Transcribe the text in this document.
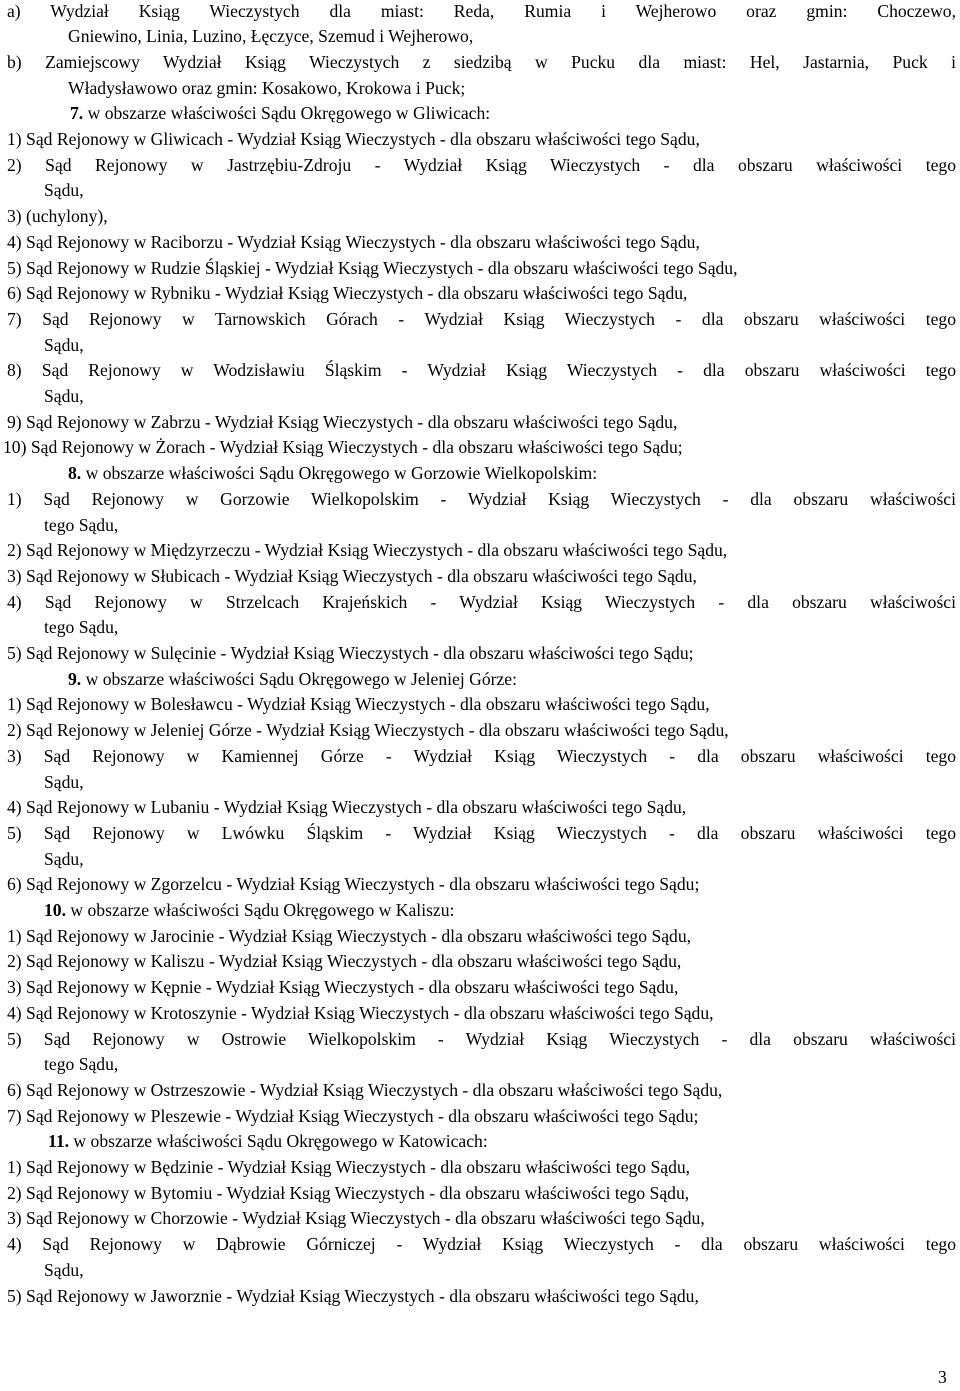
a) Wydział Ksiąg Wieczystych dla miast: Reda, Rumia i Wejherowo oraz gmin: Choczewo,
Gniewino, Linia, Luzino, Łęczyce, Szemud i Wejherowo,
b) Zamiejscowy Wydział Ksiąg Wieczystych z siedzibą w Pucku dla miast: Hel, Jastarnia, Puck i
Władysławowo oraz gmin: Kosakowo, Krokowa i Puck;
7. w obszarze właściwości Sądu Okręgowego w Gliwicach:
1) Sąd Rejonowy w Gliwicach - Wydział Ksiąg Wieczystych - dla obszaru właściwości tego Sądu,
2) Sąd Rejonowy w Jastrzębiu-Zdroju - Wydział Ksiąg Wieczystych - dla obszaru właściwości tego
Sądu,
3) (uchylony),
4) Sąd Rejonowy w Raciborzu - Wydział Ksiąg Wieczystych - dla obszaru właściwości tego Sądu,
5) Sąd Rejonowy w Rudzie Śląskiej - Wydział Ksiąg Wieczystych - dla obszaru właściwości tego Sądu,
6) Sąd Rejonowy w Rybniku - Wydział Ksiąg Wieczystych - dla obszaru właściwości tego Sądu,
7) Sąd Rejonowy w Tarnowskich Górach - Wydział Ksiąg Wieczystych - dla obszaru właściwości tego
Sądu,
8) Sąd Rejonowy w Wodzisławiu Śląskim - Wydział Ksiąg Wieczystych - dla obszaru właściwości tego
Sądu,
9) Sąd Rejonowy w Zabrzu - Wydział Ksiąg Wieczystych - dla obszaru właściwości tego Sądu,
10) Sąd Rejonowy w Żorach - Wydział Ksiąg Wieczystych - dla obszaru właściwości tego Sądu;
8. w obszarze właściwości Sądu Okręgowego w Gorzowie Wielkopolskim:
1) Sąd Rejonowy w Gorzowie Wielkopolskim - Wydział Ksiąg Wieczystych - dla obszaru właściwości
tego Sądu,
2) Sąd Rejonowy w Międzyrzeczu - Wydział Ksiąg Wieczystych - dla obszaru właściwości tego Sądu,
3) Sąd Rejonowy w Słubicach - Wydział Ksiąg Wieczystych - dla obszaru właściwości tego Sądu,
4) Sąd Rejonowy w Strzelcach Krajeńskich - Wydział Ksiąg Wieczystych - dla obszaru właściwości
tego Sądu,
5) Sąd Rejonowy w Sulęcinie - Wydział Ksiąg Wieczystych - dla obszaru właściwości tego Sądu;
9. w obszarze właściwości Sądu Okręgowego w Jeleniej Górze:
1) Sąd Rejonowy w Bolesławcu - Wydział Ksiąg Wieczystych - dla obszaru właściwości tego Sądu,
2) Sąd Rejonowy w Jeleniej Górze - Wydział Ksiąg Wieczystych - dla obszaru właściwości tego Sądu,
3) Sąd Rejonowy w Kamiennej Górze - Wydział Ksiąg Wieczystych - dla obszaru właściwości tego
Sądu,
4) Sąd Rejonowy w Lubaniu - Wydział Ksiąg Wieczystych - dla obszaru właściwości tego Sądu,
5) Sąd Rejonowy w Lwówku Śląskim - Wydział Ksiąg Wieczystych - dla obszaru właściwości tego
Sądu,
6) Sąd Rejonowy w Zgorzelcu - Wydział Ksiąg Wieczystych - dla obszaru właściwości tego Sądu;
10. w obszarze właściwości Sądu Okręgowego w Kaliszu:
1) Sąd Rejonowy w Jarocinie - Wydział Ksiąg Wieczystych - dla obszaru właściwości tego Sądu,
2) Sąd Rejonowy w Kaliszu - Wydział Ksiąg Wieczystych - dla obszaru właściwości tego Sądu,
3) Sąd Rejonowy w Kępnie - Wydział Ksiąg Wieczystych - dla obszaru właściwości tego Sądu,
4) Sąd Rejonowy w Krotoszynie - Wydział Ksiąg Wieczystych - dla obszaru właściwości tego Sądu,
5) Sąd Rejonowy w Ostrowie Wielkopolskim - Wydział Ksiąg Wieczystych - dla obszaru właściwości
tego Sądu,
6) Sąd Rejonowy w Ostrzeszowie - Wydział Ksiąg Wieczystych - dla obszaru właściwości tego Sądu,
7) Sąd Rejonowy w Pleszewie - Wydział Ksiąg Wieczystych - dla obszaru właściwości tego Sądu;
11. w obszarze właściwości Sądu Okręgowego w Katowicach:
1) Sąd Rejonowy w Będzinie - Wydział Ksiąg Wieczystych - dla obszaru właściwości tego Sądu,
2) Sąd Rejonowy w Bytomiu - Wydział Ksiąg Wieczystych - dla obszaru właściwości tego Sądu,
3) Sąd Rejonowy w Chorzowie - Wydział Ksiąg Wieczystych - dla obszaru właściwości tego Sądu,
4) Sąd Rejonowy w Dąbrowie Górniczej - Wydział Ksiąg Wieczystych - dla obszaru właściwości tego
Sądu,
5) Sąd Rejonowy w Jaworznie - Wydział Ksiąg Wieczystych - dla obszaru właściwości tego Sądu,
3
